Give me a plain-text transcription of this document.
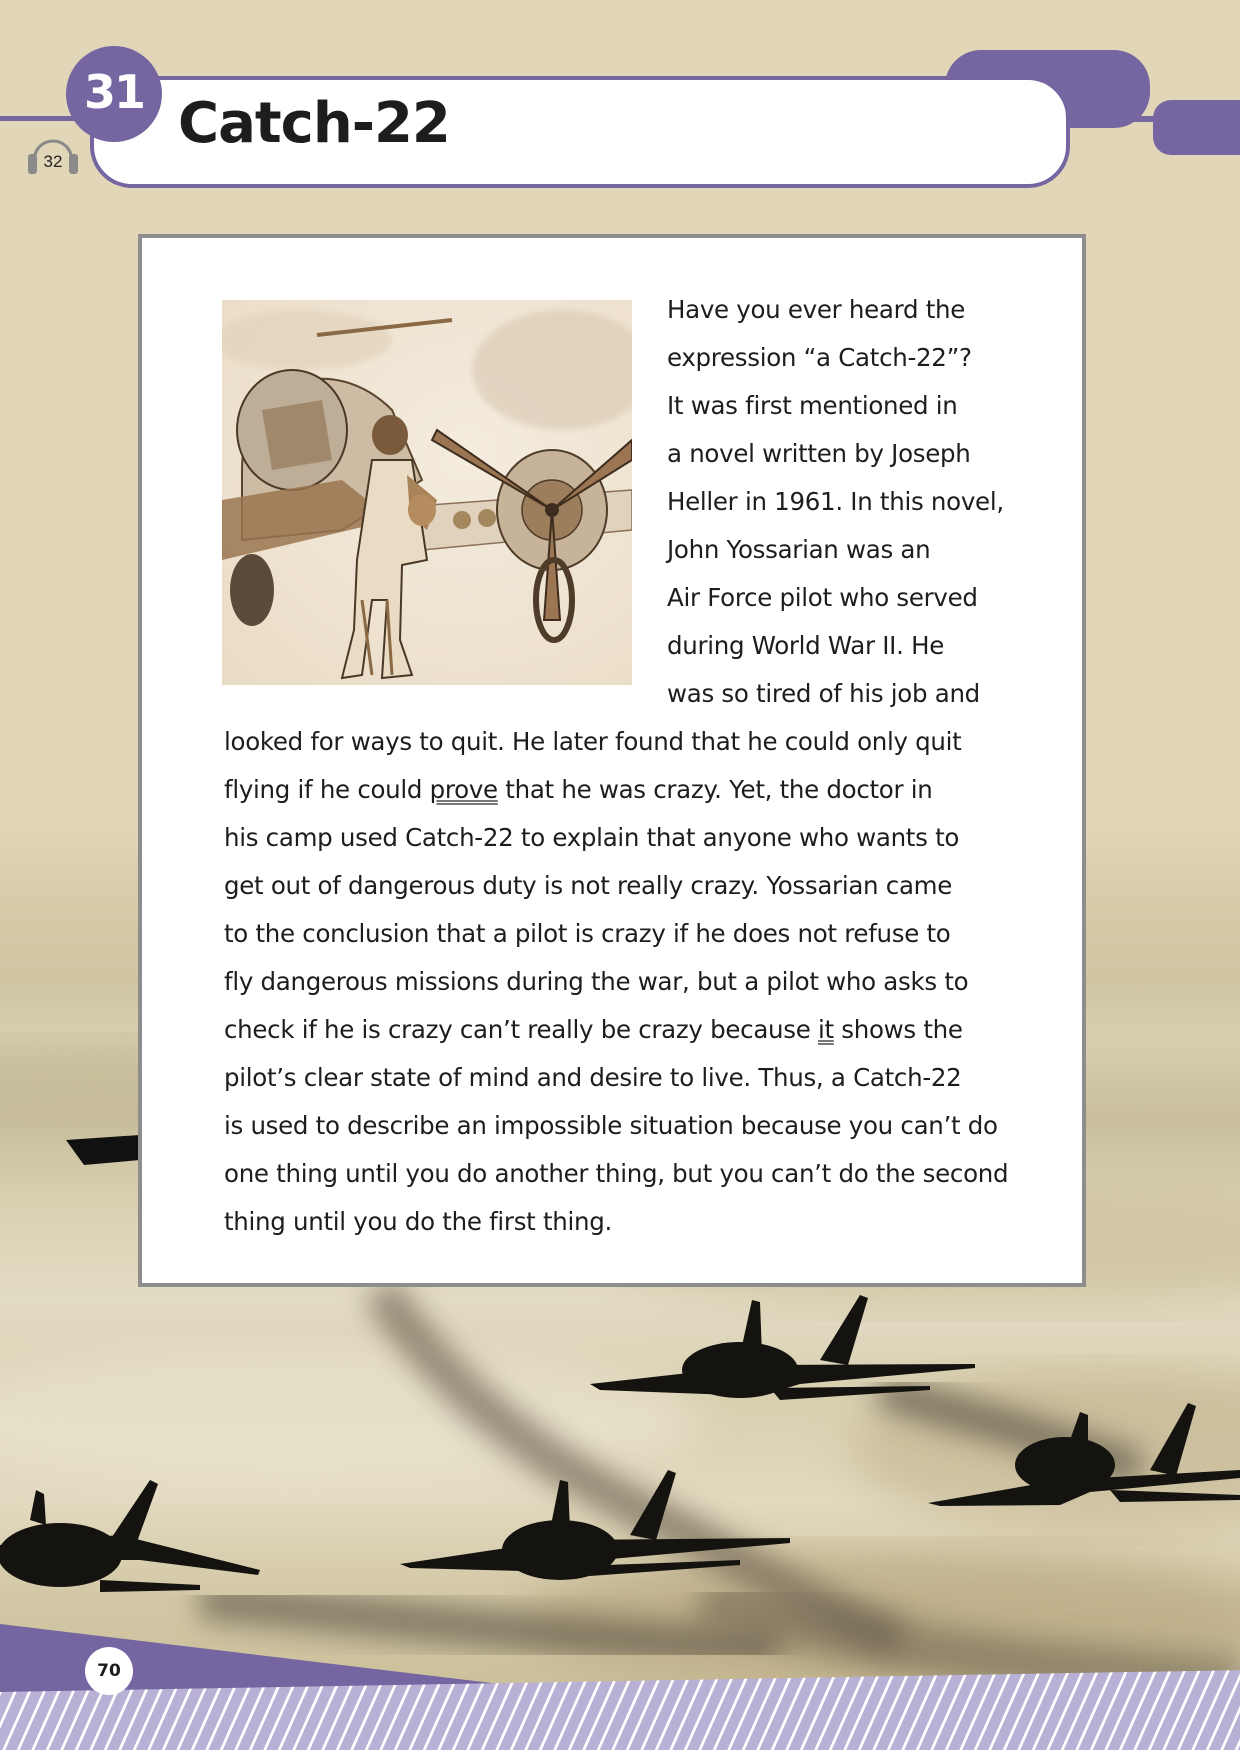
31 Catch-22
32
Have you ever heard the
expression “a Catch-22”?
It was first mentioned in
a novel written by Joseph
Heller in 1961. In this novel,
John Yossarian was an
Air Force pilot who served
during World War II. He
was so tired of his job and
looked for ways to quit. He later found that he could only quit
flying if he could prove that he was crazy. Yet, the doctor in
his camp used Catch-22 to explain that anyone who wants to
get out of dangerous duty is not really crazy. Yossarian came
to the conclusion that a pilot is crazy if he does not refuse to
fly dangerous missions during the war, but a pilot who asks to
check if he is crazy can’t really be crazy because it shows the
pilot’s clear state of mind and desire to live. Thus, a Catch-22
is used to describe an impossible situation because you can’t do
one thing until you do another thing, but you can’t do the second
thing until you do the first thing.
70
